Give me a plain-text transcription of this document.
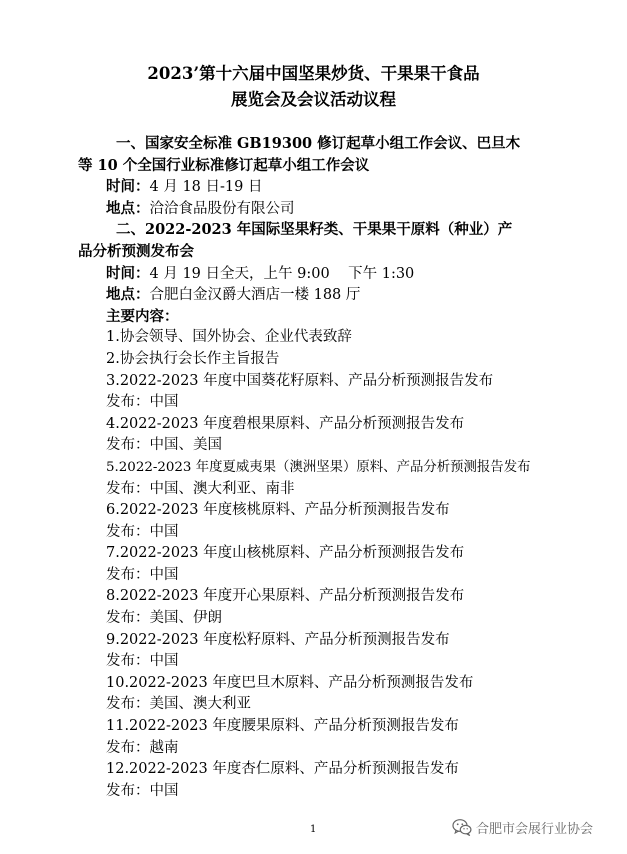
2023’第十六届中国坚果炒货、干果果干食品
展览会及会议活动议程
一、国家安全标准 GB19300 修订起草小组工作会议、巴旦木
等 10 个全国行业标准修订起草小组工作会议
时间：4 月 18 日-19 日
地点：洽洽食品股份有限公司
二、2022-2023 年国际坚果籽类、干果果干原料（种业）产
品分析预测发布会
时间：4 月 19 日全天，上午 9:00    下午 1:30
地点：合肥白金汉爵大酒店一楼 188 厅
主要内容：
1.协会领导、国外协会、企业代表致辞
2.协会执行会长作主旨报告
3.2022-2023 年度中国葵花籽原料、产品分析预测报告发布
发布：中国
4.2022-2023 年度碧根果原料、产品分析预测报告发布
发布：中国、美国
5.2022-2023 年度夏威夷果（澳洲坚果）原料、产品分析预测报告发布
发布：中国、澳大利亚、南非
6.2022-2023 年度核桃原料、产品分析预测报告发布
发布：中国
7.2022-2023 年度山核桃原料、产品分析预测报告发布
发布：中国
8.2022-2023 年度开心果原料、产品分析预测报告发布
发布：美国、伊朗
9.2022-2023 年度松籽原料、产品分析预测报告发布
发布：中国
10.2022-2023 年度巴旦木原料、产品分析预测报告发布
发布：美国、澳大利亚
11.2022-2023 年度腰果原料、产品分析预测报告发布
发布：越南
12.2022-2023 年度杏仁原料、产品分析预测报告发布
发布：中国
1	合肥市会展行业协会
